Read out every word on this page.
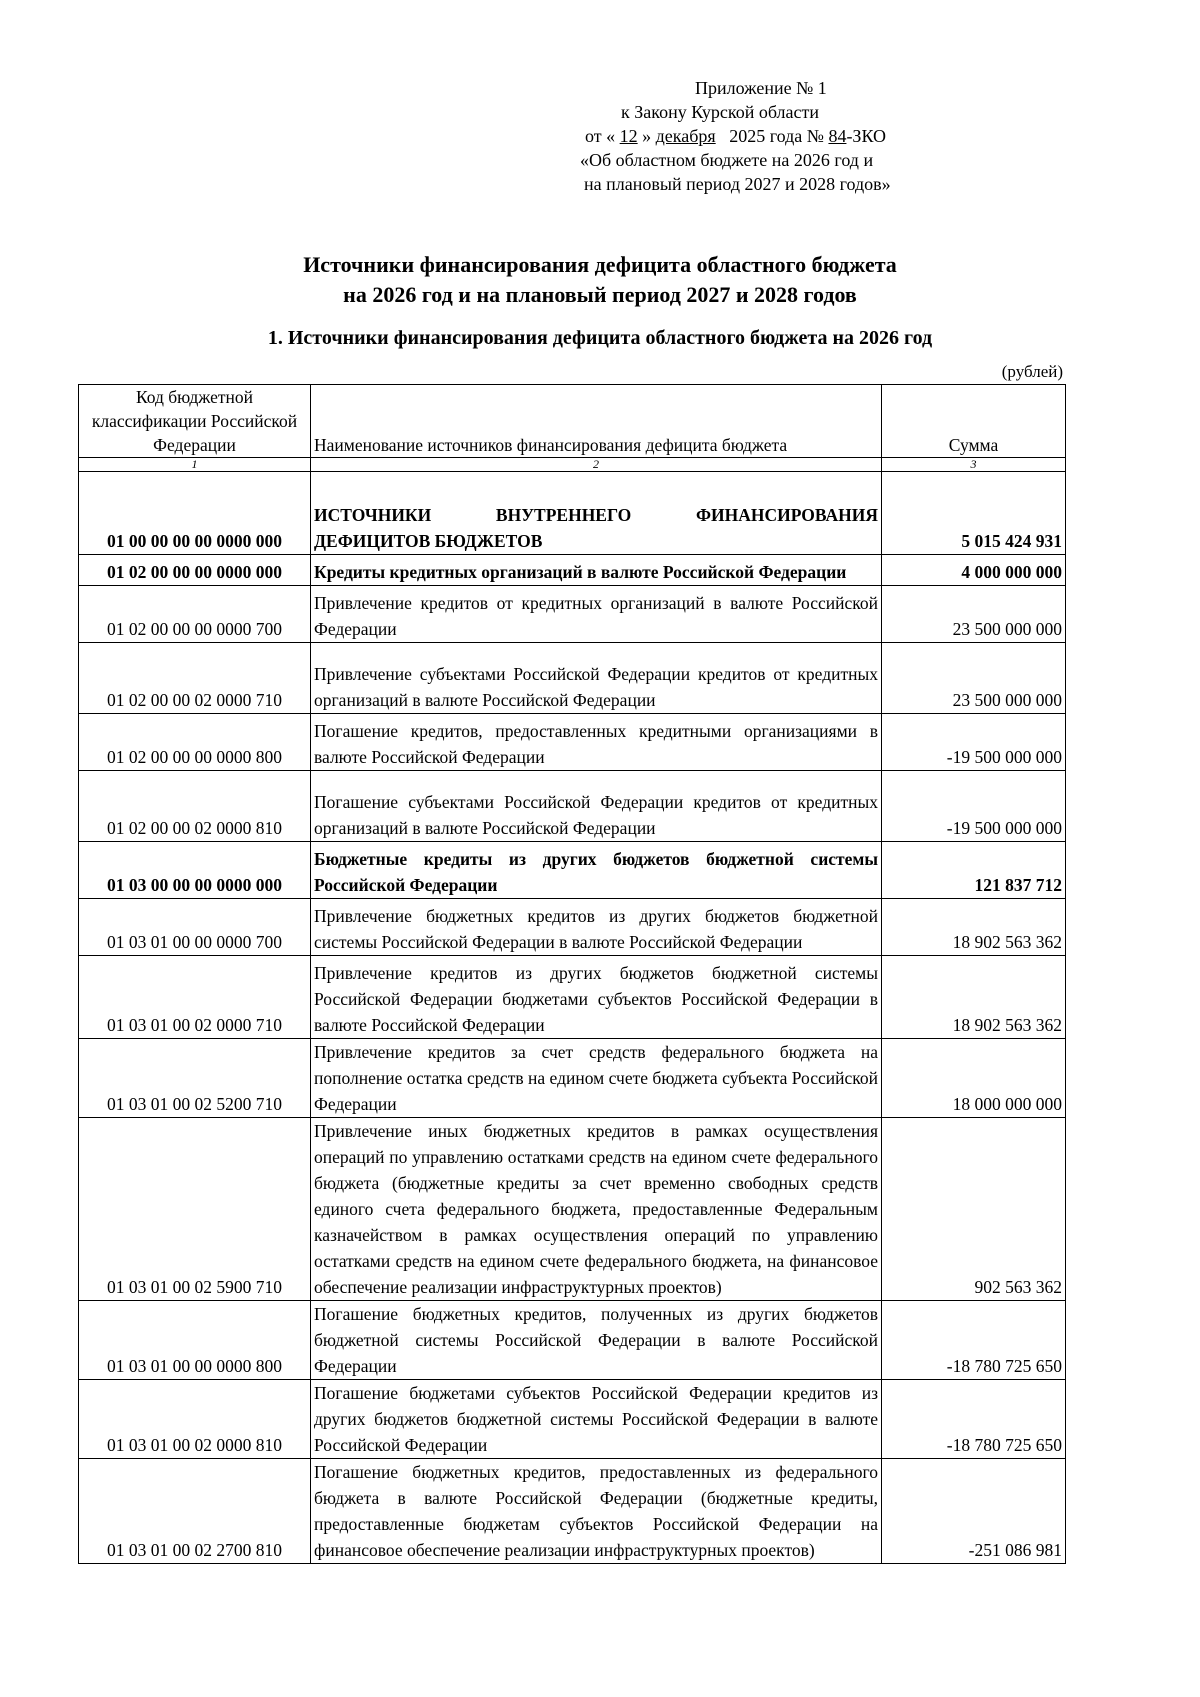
Приложение № 1
к Закону Курской области
от « 12 » декабря 2025 года № 84-ЗКО
«Об областном бюджете на 2026 год и
на плановый период 2027 и 2028 годов»
Источники финансирования дефицита областного бюджета
на 2026 год и на плановый период 2027 и 2028 годов
1. Источники финансирования дефицита областного бюджета на 2026 год
(рублей)
Код бюджетной классификации Российской Федерации	Наименование источников финансирования дефицита бюджета	Сумма
1	2	3
01 00 00 00 00 0000 000	ИСТОЧНИКИ ВНУТРЕННЕГО ФИНАНСИРОВАНИЯ ДЕФИЦИТОВ БЮДЖЕТОВ	5 015 424 931
01 02 00 00 00 0000 000	Кредиты кредитных организаций в валюте Российской Федерации	4 000 000 000
01 02 00 00 00 0000 700	Привлечение кредитов от кредитных организаций в валюте Российской Федерации	23 500 000 000
01 02 00 00 02 0000 710	Привлечение субъектами Российской Федерации кредитов от кредитных организаций в валюте Российской Федерации	23 500 000 000
01 02 00 00 00 0000 800	Погашение кредитов, предоставленных кредитными организациями в валюте Российской Федерации	-19 500 000 000
01 02 00 00 02 0000 810	Погашение субъектами Российской Федерации кредитов от кредитных организаций в валюте Российской Федерации	-19 500 000 000
01 03 00 00 00 0000 000	Бюджетные кредиты из других бюджетов бюджетной системы Российской Федерации	121 837 712
01 03 01 00 00 0000 700	Привлечение бюджетных кредитов из других бюджетов бюджетной системы Российской Федерации в валюте Российской Федерации	18 902 563 362
01 03 01 00 02 0000 710	Привлечение кредитов из других бюджетов бюджетной системы Российской Федерации бюджетами субъектов Российской Федерации в валюте Российской Федерации	18 902 563 362
01 03 01 00 02 5200 710	Привлечение кредитов за счет средств федерального бюджета на пополнение остатка средств на едином счете бюджета субъекта Российской Федерации	18 000 000 000
01 03 01 00 02 5900 710	Привлечение иных бюджетных кредитов в рамках осуществления операций по управлению остатками средств на едином счете федерального бюджета (бюджетные кредиты за счет временно свободных средств единого счета федерального бюджета, предоставленные Федеральным казначейством в рамках осуществления операций по управлению остатками средств на едином счете федерального бюджета, на финансовое обеспечение реализации инфраструктурных проектов)	902 563 362
01 03 01 00 00 0000 800	Погашение бюджетных кредитов, полученных из других бюджетов бюджетной системы Российской Федерации в валюте Российской Федерации	-18 780 725 650
01 03 01 00 02 0000 810	Погашение бюджетами субъектов Российской Федерации кредитов из других бюджетов бюджетной системы Российской Федерации в валюте Российской Федерации	-18 780 725 650
01 03 01 00 02 2700 810	Погашение бюджетных кредитов, предоставленных из федерального бюджета в валюте Российской Федерации (бюджетные кредиты, предоставленные бюджетам субъектов Российской Федерации на финансовое обеспечение реализации инфраструктурных проектов)	-251 086 981
